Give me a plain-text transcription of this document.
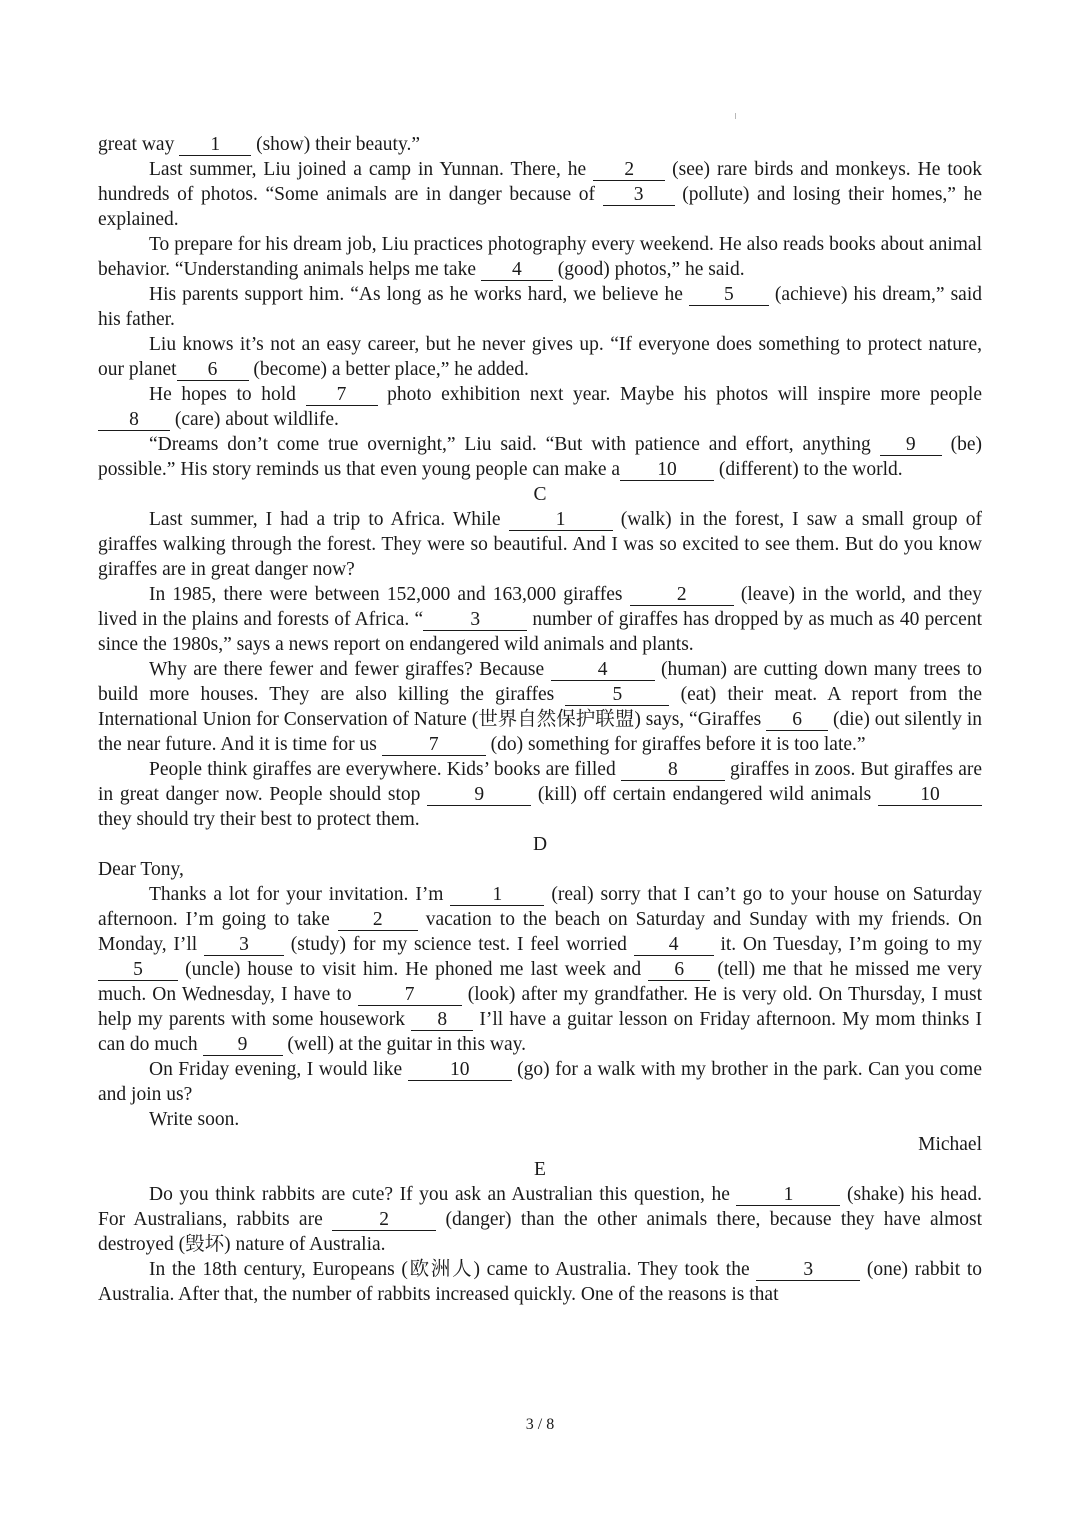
great way 1 (show) their beauty.”

Last summer, Liu joined a camp in Yunnan. There, he 2 (see) rare birds and monkeys. He took hundreds of photos. “Some animals are in danger because of 3 (pollute) and losing their homes,” he explained.

To prepare for his dream job, Liu practices photography every weekend. He also reads books about animal behavior. “Understanding animals helps me take 4 (good) photos,” he said.

His parents support him. “As long as he works hard, we believe he 5 (achieve) his dream,” said his father.

Liu knows it’s not an easy career, but he never gives up. “If everyone does something to protect nature, our planet 6 (become) a better place,” he added.

He hopes to hold 7 photo exhibition next year. Maybe his photos will inspire more people 8 (care) about wildlife.

“Dreams don’t come true overnight,” Liu said. “But with patience and effort, anything 9 (be) possible.” His story reminds us that even young people can make a 10 (different) to the world.

C

Last summer, I had a trip to Africa. While 1 (walk) in the forest, I saw a small group of giraffes walking through the forest. They were so beautiful. And I was so excited to see them. But do you know giraffes are in great danger now?

In 1985, there were between 152,000 and 163,000 giraffes 2 (leave) in the world, and they lived in the plains and forests of Africa. “ 3 number of giraffes has dropped by as much as 40 percent since the 1980s,” says a news report on endangered wild animals and plants.

Why are there fewer and fewer giraffes? Because 4 (human) are cutting down many trees to build more houses. They are also killing the giraffes 5 (eat) their meat. A report from the International Union for Conservation of Nature (世界自然保护联盟) says, “Giraffes 6 (die) out silently in the near future. And it is time for us 7 (do) something for giraffes before it is too late.”

People think giraffes are everywhere. Kids’ books are filled 8 giraffes in zoos. But giraffes are in great danger now. People should stop 9 (kill) off certain endangered wild animals 10 they should try their best to protect them.

D

Dear Tony,

Thanks a lot for your invitation. I’m 1 (real) sorry that I can’t go to your house on Saturday afternoon. I’m going to take 2 vacation to the beach on Saturday and Sunday with my friends. On Monday, I’ll 3 (study) for my science test. I feel worried 4 it. On Tuesday, I’m going to my 5 (uncle) house to visit him. He phoned me last week and 6 (tell) me that he missed me very much. On Wednesday, I have to 7 (look) after my grandfather. He is very old. On Thursday, I must help my parents with some housework 8 I’ll have a guitar lesson on Friday afternoon. My mom thinks I can do much 9 (well) at the guitar in this way.

On Friday evening, I would like 10 (go) for a walk with my brother in the park. Can you come and join us?

Write soon.

Michael

E

Do you think rabbits are cute? If you ask an Australian this question, he 1 (shake) his head. For Australians, rabbits are 2 (danger) than the other animals there, because they have almost destroyed (毁坏) nature of Australia.

In the 18th century, Europeans (欧洲人) came to Australia. They took the 3 (one) rabbit to Australia. After that, the number of rabbits increased quickly. One of the reasons is that

3 / 8
